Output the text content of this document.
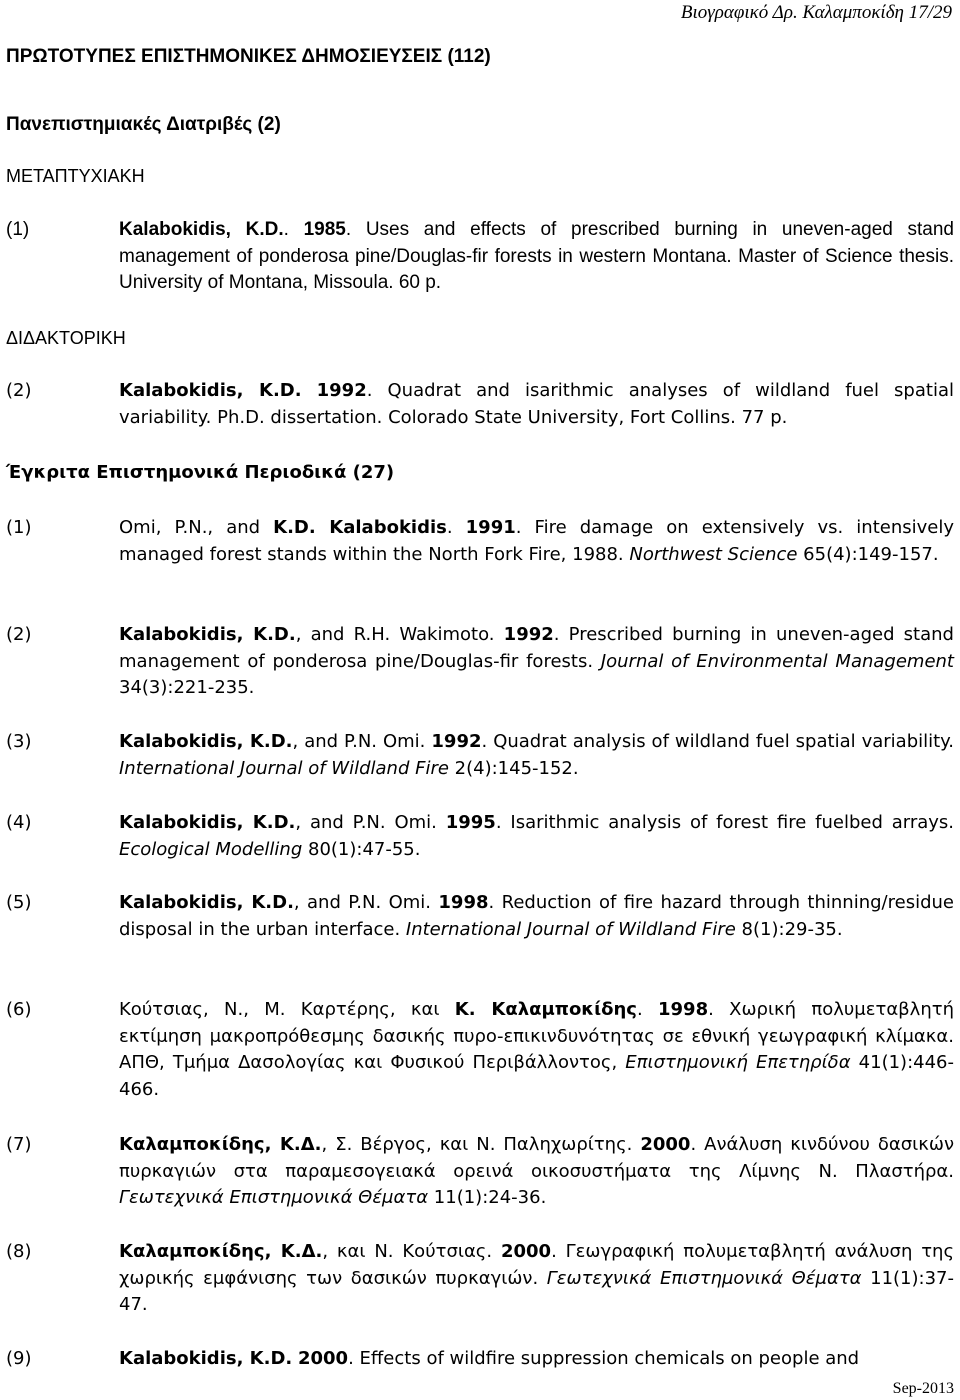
Βιογραφικό Δρ. Καλαμποκίδη 17/29
ΠΡΩΤΟΤΥΠΕΣ ΕΠΙΣΤΗΜΟΝΙΚΕΣ ΔΗΜΟΣΙΕΥΣΕΙΣ (112)
Πανεπιστημιακές Διατριβές (2)
ΜΕΤΑΠΤΥΧΙΑΚΗ
(1)	Kalabokidis, K.D.. 1985. Uses and effects of prescribed burning in uneven-aged stand management of ponderosa pine/Douglas-fir forests in western Montana. Master of Science thesis. University of Montana, Missoula. 60 p.
ΔΙΔΑΚΤΟΡΙΚΗ
(2)	Kalabokidis, K.D. 1992. Quadrat and isarithmic analyses of wildland fuel spatial variability. Ph.D. dissertation. Colorado State University, Fort Collins. 77 p.
Έγκριτα Επιστημονικά Περιοδικά (27)
(1)	Omi, P.N., and K.D. Kalabokidis. 1991. Fire damage on extensively vs. intensively managed forest stands within the North Fork Fire, 1988. Northwest Science 65(4):149-157.
(2)	Kalabokidis, K.D., and R.H. Wakimoto. 1992. Prescribed burning in uneven-aged stand management of ponderosa pine/Douglas-fir forests. Journal of Environmental Management 34(3):221-235.
(3)	Kalabokidis, K.D., and P.N. Omi. 1992. Quadrat analysis of wildland fuel spatial variability. International Journal of Wildland Fire 2(4):145-152.
(4)	Kalabokidis, K.D., and P.N. Omi. 1995. Isarithmic analysis of forest fire fuelbed arrays. Ecological Modelling 80(1):47-55.
(5)	Kalabokidis, K.D., and P.N. Omi. 1998. Reduction of fire hazard through thinning/residue disposal in the urban interface. International Journal of Wildland Fire 8(1):29-35.
(6)	Κούτσιας, Ν., Μ. Καρτέρης, και Κ. Καλαμποκίδης. 1998. Χωρική πολυμεταβλητή εκτίμηση μακροπρόθεσμης δασικής πυρο-επικινδυνότητας σε εθνική γεωγραφική κλίμακα. ΑΠΘ, Τμήμα Δασολογίας και Φυσικού Περιβάλλοντος, Επιστημονική Επετηρίδα 41(1):446-466.
(7)	Καλαμποκίδης, Κ.Δ., Σ. Βέργος, και Ν. Παληχωρίτης. 2000. Ανάλυση κινδύνου δασικών πυρκαγιών στα παραμεσογειακά ορεινά οικοσυστήματα της Λίμνης Ν. Πλαστήρα. Γεωτεχνικά Επιστημονικά Θέματα 11(1):24-36.
(8)	Καλαμποκίδης, Κ.Δ., και Ν. Κούτσιας. 2000. Γεωγραφική πολυμεταβλητή ανάλυση της χωρικής εμφάνισης των δασικών πυρκαγιών. Γεωτεχνικά Επιστημονικά Θέματα 11(1):37-47.
(9)	Kalabokidis, K.D. 2000. Effects of wildfire suppression chemicals on people and
Sep-2013
